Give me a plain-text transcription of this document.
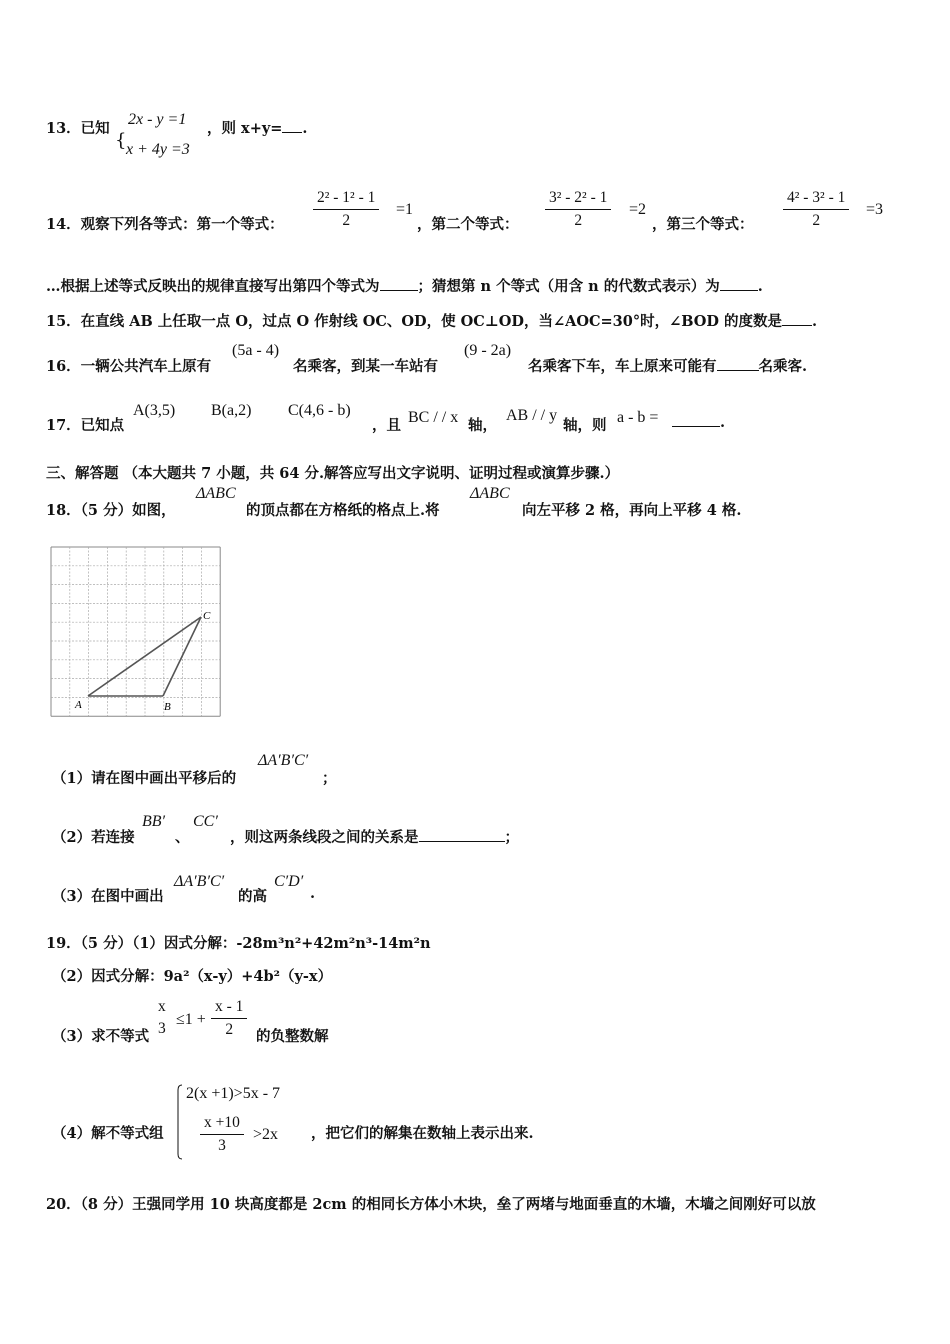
13．已知
{
2x - y =1
x + 4y =3
，则 x+y= .
14．观察下列各等式：第一个等式： $\frac{\text{2² - 1² - 1}}{2} =1$
，第二个等式： $\frac{\text{3² - 2² - 1}}{2} =2$
，第三个等式： $\frac{\text{4² - 3² - 1}}{2} =3$
…根据上述等式反映出的规律直接写出第四个等式为	；猜想第 n 个等式（用含 n 的代数式表示）为	.
15．在直线 AB 上任取一点 O，过点 O 作射线 OC、OD，使 OC⊥OD，当∠AOC=30°时，∠BOD 的度数是 .
16．一辆公共汽车上原有
(5a - 4)
名乘客，到某一车站有
(9 - 2a)
名乘客下车，车上原来可能有	名乘客.
17．已知点
A(3,5) B(a,2) C(4,6 - b)
，且 BC / / x 轴，
AB / / y
轴，则 a - b =	.
三、解答题 （本大题共 7 小题，共 64 分.解答应写出文字说明、证明过程或演算步骤.）
18．（5 分）如图，
ΔABC
的顶点都在方格纸的格点上.将
ΔABC
向左平移 2 格，再向上平移 4 格.
A	B
C
（1）请在图中画出平移后的
ΔA′B′C′
；
（2）若连接
BB′
、
CC′
，则这两条线段之间的关系是	；
（3）在图中画出
ΔA′B′C′
的高
C′D′
.
19．（5 分）（1）因式分解：-28m³n²+42m²n³-14m²n
（2）因式分解：9a²（x-y）+4b²（y-x）
（3）求不等式
x
3
$\le 1 + \frac{x - 1}{2}$ 的负整数解
（4）解不等式组
2(x +1)>5x - 7
$\frac{x +10}{3} >2x$ ，把它们的解集在数轴上表示出来.
20．（8 分）王强同学用 10 块高度都是 2cm 的相同长方体小木块，垒了两堵与地面垂直的木墙，木墙之间刚好可以放
